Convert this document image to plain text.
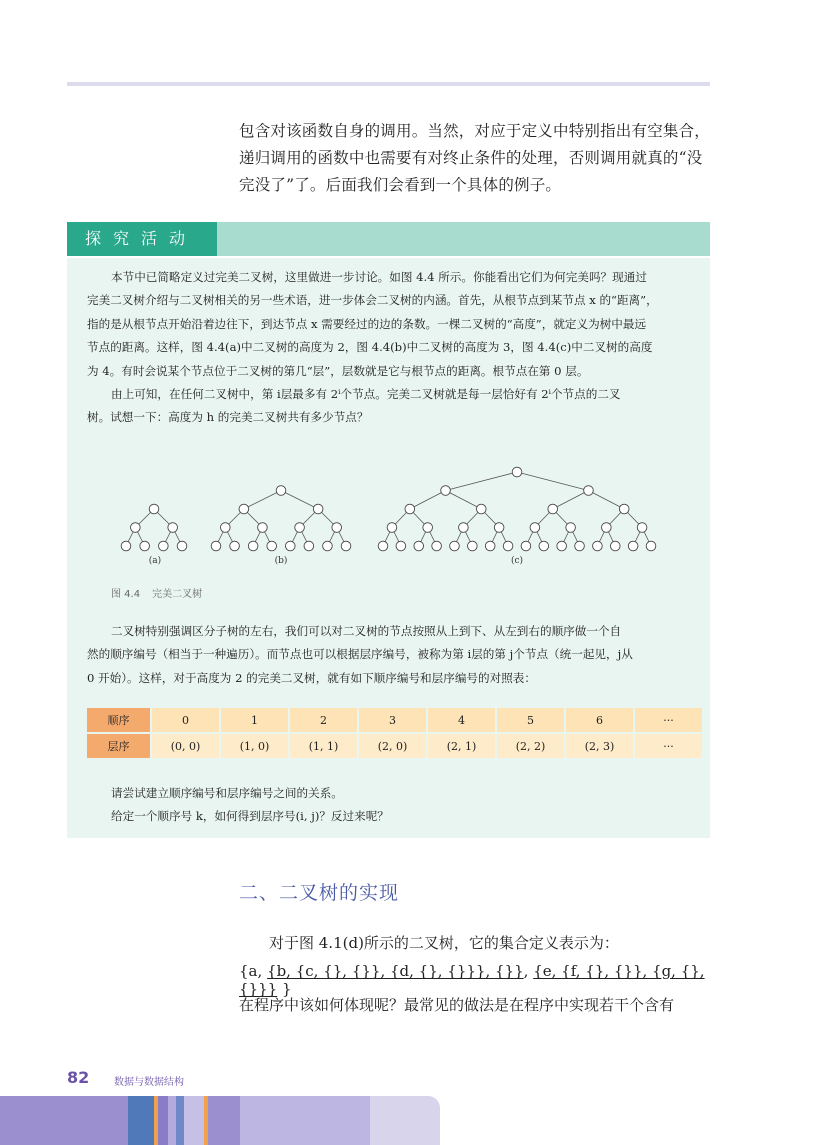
包含对该函数自身的调用。当然，对应于定义中特别指出有空集合，

递归调用的函数中也需要有对终止条件的处理，否则调用就真的“没

完没了”了。后面我们会看到一个具体的例子。

探究活动
本节中已简略定义过完美二叉树，这里做进一步讨论。如图 4.4 所示。你能看出它们为何完美吗？现通过
完美二叉树介绍与二叉树相关的另一些术语，进一步体会二叉树的内涵。首先，从根节点到某节点 x 的“距离”，
指的是从根节点开始沿着边往下，到达节点 x 需要经过的边的条数。一棵二叉树的“高度”，就定义为树中最远
节点的距离。这样，图 4.4(a)中二叉树的高度为 2，图 4.4(b)中二叉树的高度为 3，图 4.4(c)中二叉树的高度
为 4。有时会说某个节点位于二叉树的第几“层”，层数就是它与根节点的距离。根节点在第 0 层。
由上可知，在任何二叉树中，第 i层最多有 2ⁱ个节点。完美二叉树就是每一层恰好有 2ⁱ个节点的二叉
树。试想一下：高度为 h 的完美二叉树共有多少节点？
(a)	(b)	(c)
图 4.4 完美二叉树
二叉树特别强调区分子树的左右，我们可以对二叉树的节点按照从上到下、从左到右的顺序做一个自
然的顺序编号（相当于一种遍历）。而节点也可以根据层序编号，被称为第 i层的第 j个节点（统一起见，j从
0 开始）。这样，对于高度为 2 的完美二叉树，就有如下顺序编号和层序编号的对照表：
顺序	0	1	2	3	4	5	6	···
层序	(0, 0)	(1, 0)	(1, 1)	(2, 0)	(2, 1)	(2, 2)	(2, 3)	···
请尝试建立顺序编号和层序编号之间的关系。
给定一个顺序号 k，如何得到层序号(i, j)？反过来呢？
二、二叉树的实现

对于图 4.1(d)所示的二叉树，它的集合定义表示为：

{a, {b, {c, {}, {}}, {d, {}, {}}}, {}}, {e, {f, {}, {}}, {g, {}, {}}} }

在程序中该如何体现呢？最常见的做法是在程序中实现若干个含有

82 数据与数据结构
